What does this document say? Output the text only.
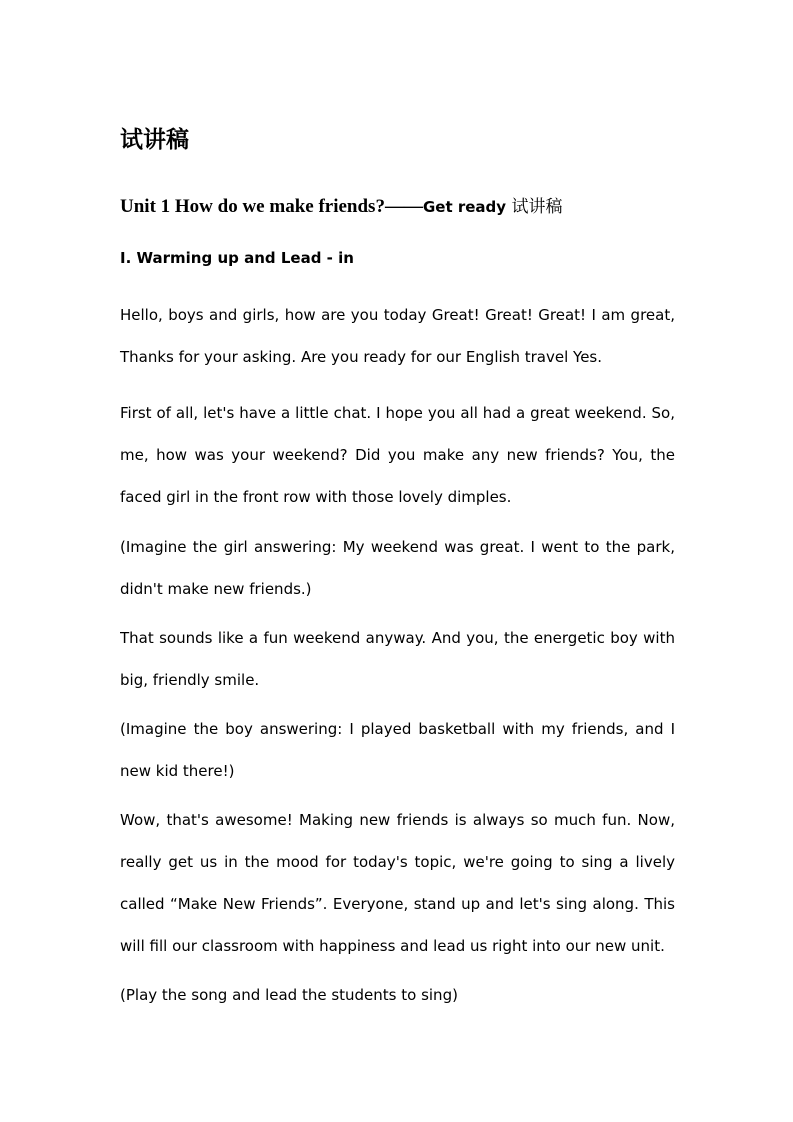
试讲稿
Unit 1 How do we make friends?——Get ready 试讲稿
I. Warming up and Lead - in

Hello, boys and girls, how are you today Great! Great! Great! I am great,
Thanks for your asking. Are you ready for our English travel Yes.

First of all, let's have a little chat. I hope you all had a great weekend. So,
me, how was your weekend? Did you make any new friends? You, the
faced girl in the front row with those lovely dimples.

(Imagine the girl answering: My weekend was great. I went to the park,
didn't make new friends.)

That sounds like a fun weekend anyway. And you, the energetic boy with
big, friendly smile.

(Imagine the boy answering: I played basketball with my friends, and I
new kid there!)

Wow, that's awesome! Making new friends is always so much fun. Now,
really get us in the mood for today's topic, we're going to sing a lively
called “Make New Friends”. Everyone, stand up and let's sing along. This
will fill our classroom with happiness and lead us right into our new unit.

(Play the song and lead the students to sing)
